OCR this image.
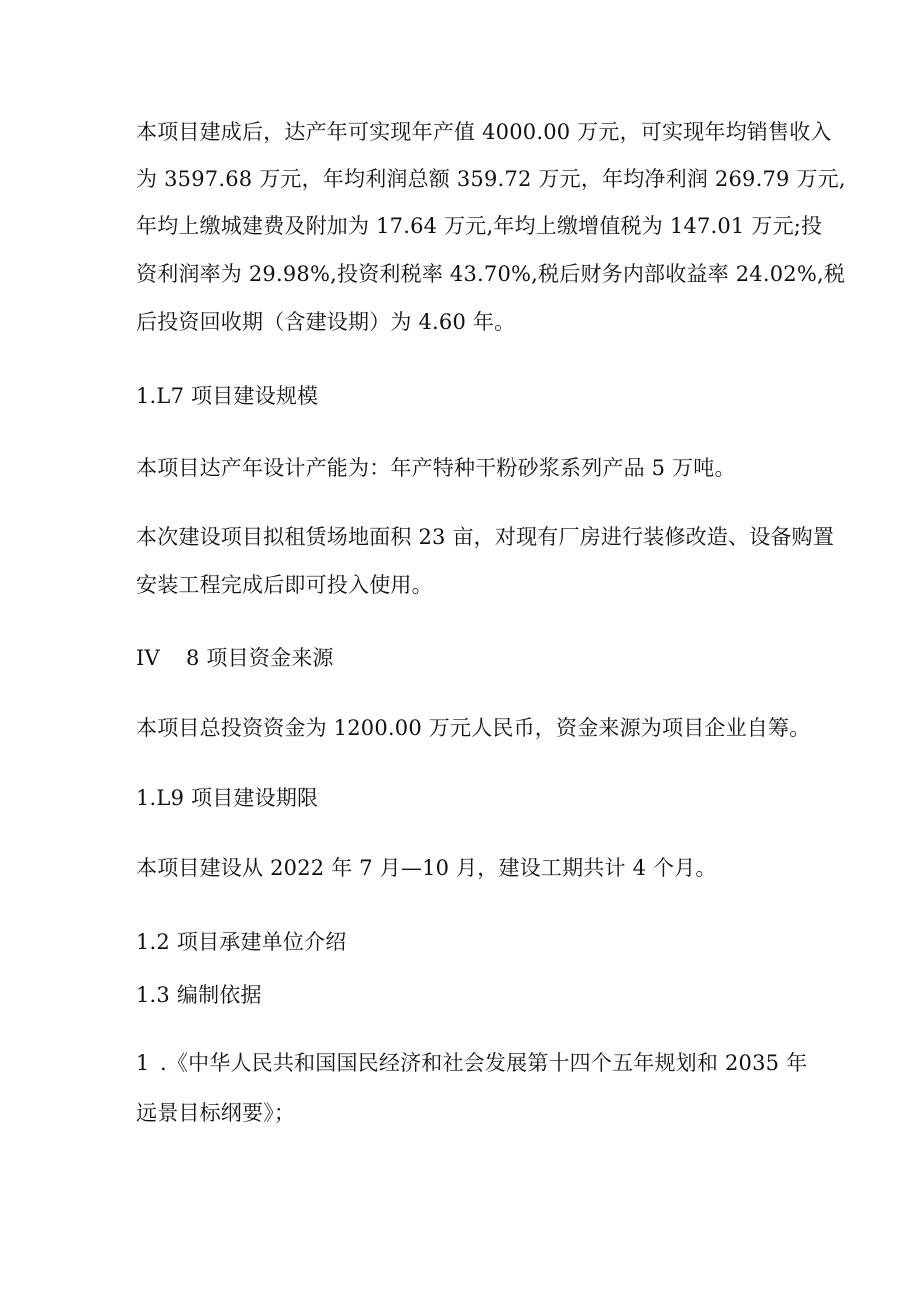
本项目建成后，达产年可实现年产值 4000.00 万元，可实现年均销售收入
为 3597.68 万元，年均利润总额 359.72 万元，年均净利润 269.79 万元,
年均上缴城建费及附加为 17.64 万元,年均上缴增值税为 147.01 万元;投
资利润率为 29.98%,投资利税率 43.70%,税后财务内部收益率 24.02%,税
后投资回收期（含建设期）为 4.60 年。
1.L7 项目建设规模
本项目达产年设计产能为：年产特种干粉砂浆系列产品 5 万吨。
本次建设项目拟租赁场地面积 23 亩，对现有厂房进行装修改造、设备购置
安装工程完成后即可投入使用。
IV 8 项目资金来源
本项目总投资资金为 1200.00 万元人民币，资金来源为项目企业自筹。
1.L9 项目建设期限
本项目建设从 2022 年 7 月—10 月，建设工期共计 4 个月。
1.2 项目承建单位介绍
1.3 编制依据
1 .《中华人民共和国国民经济和社会发展第十四个五年规划和 2035 年
远景目标纲要》；
